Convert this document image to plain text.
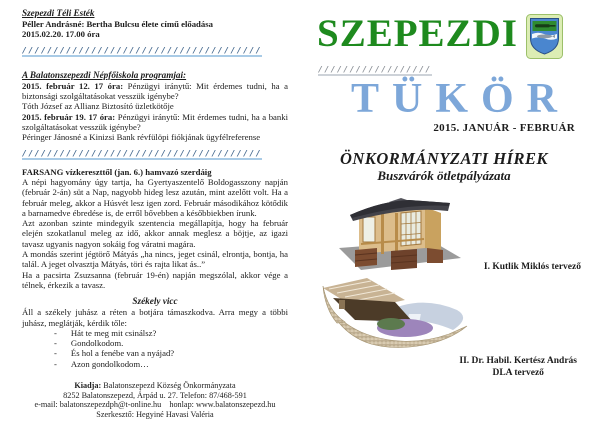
Szepezdi Téli Esték
Péller Andrásné: Bertha Bulcsu élete című előadása
2015.02.20. 17.00 óra
//////////////////////////////////////
A Balatonszepezdi Népfőiskola programjai:
2015. február 12. 17 óra: Pénzügyi iránytű: Mit érdemes tudni, ha a biztonsági szolgáltatásokat vesszük igénybe?
Tóth József az Allianz Biztosító üzletkötője
2015. február 19. 17 óra: Pénzügyi iránytű: Mit érdemes tudni, ha a banki szolgáltatásokat vesszük igénybe?
Péringer Jánosné a Kinizsi Bank révfülöpi fiókjának ügyfélreferense
//////////////////////////////////////
FARSANG vízkereszttől (jan. 6.) hamvazó szerdáig
A népi hagyomány úgy tartja, ha Gyertyaszentelő Boldogasszony napján (február 2-án) süt a Nap, nagyobb hideg lesz azután, mint azelőtt volt. Ha a február meleg, akkor a Húsvét lesz igen zord. Február másodikához kötődik a barnamedve ébredése is, de erről bővebben a későbbiekben írunk.
Azt azonban szinte mindegyik szentencia megállapítja, hogy ha február elején szokatlanul meleg az idő, akkor annak meglesz a böjtje, az igazi tavasz ugyanis nagyon sokáig fog váratni magára.
A mondás szerint jégtörő Mátyás „ha nincs, jeget csinál, elrontja, bontja, ha talál. A jeget olvasztja Mátyás, töri és rajta likat ás..”
Ha a pacsirta Zsuzsanna (február 19-én) napján megszólal, akkor vége a télnek, érkezik a tavasz.
Székely vicc
Áll a székely juhász a réten a botjára támaszkodva. Arra megy a többi juhász, meglátják, kérdik tőle:
- Hát te meg mit csinálsz?
- Gondolkodom.
- És hol a fenébe van a nyájad?
- Azon gondolkodom…
Kiadja: Balatonszepezd Község Önkormányzata
8252 Balatonszepezd, Árpád u. 27. Telefon: 87/468-591
e-mail: balatonszepezdph@t-online.hu    honlap: www.balatonszepezd.hu
Szerkesztő: Hegyiné Havasi Valéria
SZEPEZDI
//////////////////
TÜKÖR
2015. JANUÁR - FEBRUÁR
ÖNKORMÁNYZATI HÍREK
Buszvárók ötletpályázata
I. Kutlik Miklós tervező
II. Dr. Habil. Kertész András
DLA tervező
